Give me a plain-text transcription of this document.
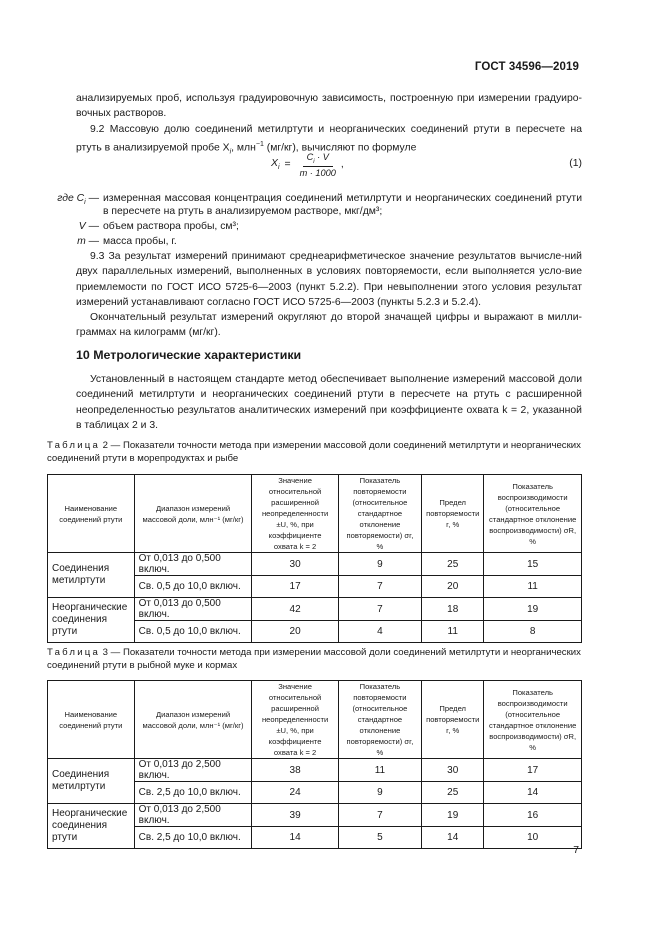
ГОСТ 34596—2019

анализируемых проб, используя градуировочную зависимость, построенную при измерении градуиро-вочных растворов.

9.2 Массовую долю соединений метилртути и неорганических соединений ртути в пересчете на ртуть в анализируемой пробе $X_i$, млн$^{-1}$ (мг/кг), вычисляют по формуле

$X_i = \frac{C_i \cdot V}{m \cdot 1000}$ ,	(1)
где $C_i$ — измеренная массовая концентрация соединений метилртути и неорганических соединений ртути в пересчете на ртуть в анализируемом растворе, мкг/дм³;
V — объем раствора пробы, см³;
m — масса пробы, г.

9.3 За результат измерений принимают среднеарифметическое значение результатов вычисле-ний двух параллельных измерений, выполненных в условиях повторяемости, если выполняется усло-вие приемлемости по ГОСТ ИСО 5725-6—2003 (пункт 5.2.2). При невыполнении этого условия результат измерений устанавливают согласно ГОСТ ИСО 5725-6—2003 (пункты 5.2.3 и 5.2.4).

Окончательный результат измерений округляют до второй значащей цифры и выражают в милли-граммах на килограмм (мг/кг).

10 Метрологические характеристики

Установленный в настоящем стандарте метод обеспечивает выполнение измерений массовой доли соединений метилртути и неорганических соединений ртути в пересчете на ртуть с расширенной неопределенностью результатов аналитических измерений при коэффициенте охвата k = 2, указанной в таблицах 2 и 3.

Таблица 2 — Показатели точности метода при измерении массовой доли соединений метилртути и неорганических соединений ртути в морепродуктах и рыбе
Наименование соединений ртути	Диапазон измерений массовой доли, млн⁻¹ (мг/кг)	Значение относительной расширенной неопределенности ±U, %, при коэффициенте охвата k = 2	Показатель повторяемости (относительное стандартное отклонение повторяемости) σr, %	Предел повторяемости r, %	Показатель воспроизводимости (относительное стандартное отклонение воспроизводимости) σR, %
Соединения метилртути	От 0,013 до 0,500 включ.	30	9	25	15
	Св. 0,5 до 10,0 включ.	17	7	20	11
Неорганические соединения ртути	От 0,013 до 0,500 включ.	42	7	18	19
	Св. 0,5 до 10,0 включ.	20	4	11	8
Таблица 3 — Показатели точности метода при измерении массовой доли соединений метилртути и неорганических соединений ртути в рыбной муке и кормах
Наименование соединений ртути	Диапазон измерений массовой доли, млн⁻¹ (мг/кг)	Значение относительной расширенной неопределенности ±U, %, при коэффициенте охвата k = 2	Показатель повторяемости (относительное стандартное отклонение повторяемости) σr, %	Предел повторяемости r, %	Показатель воспроизводимости (относительное стандартное отклонение воспроизводимости) σR, %
Соединения метилртути	От 0,013 до 2,500 включ.	38	11	30	17
	Св. 2,5 до 10,0 включ.	24	9	25	14
Неорганические соединения ртути	От 0,013 до 2,500 включ.	39	7	19	16
	Св. 2,5 до 10,0 включ.	14	5	14	10
7
